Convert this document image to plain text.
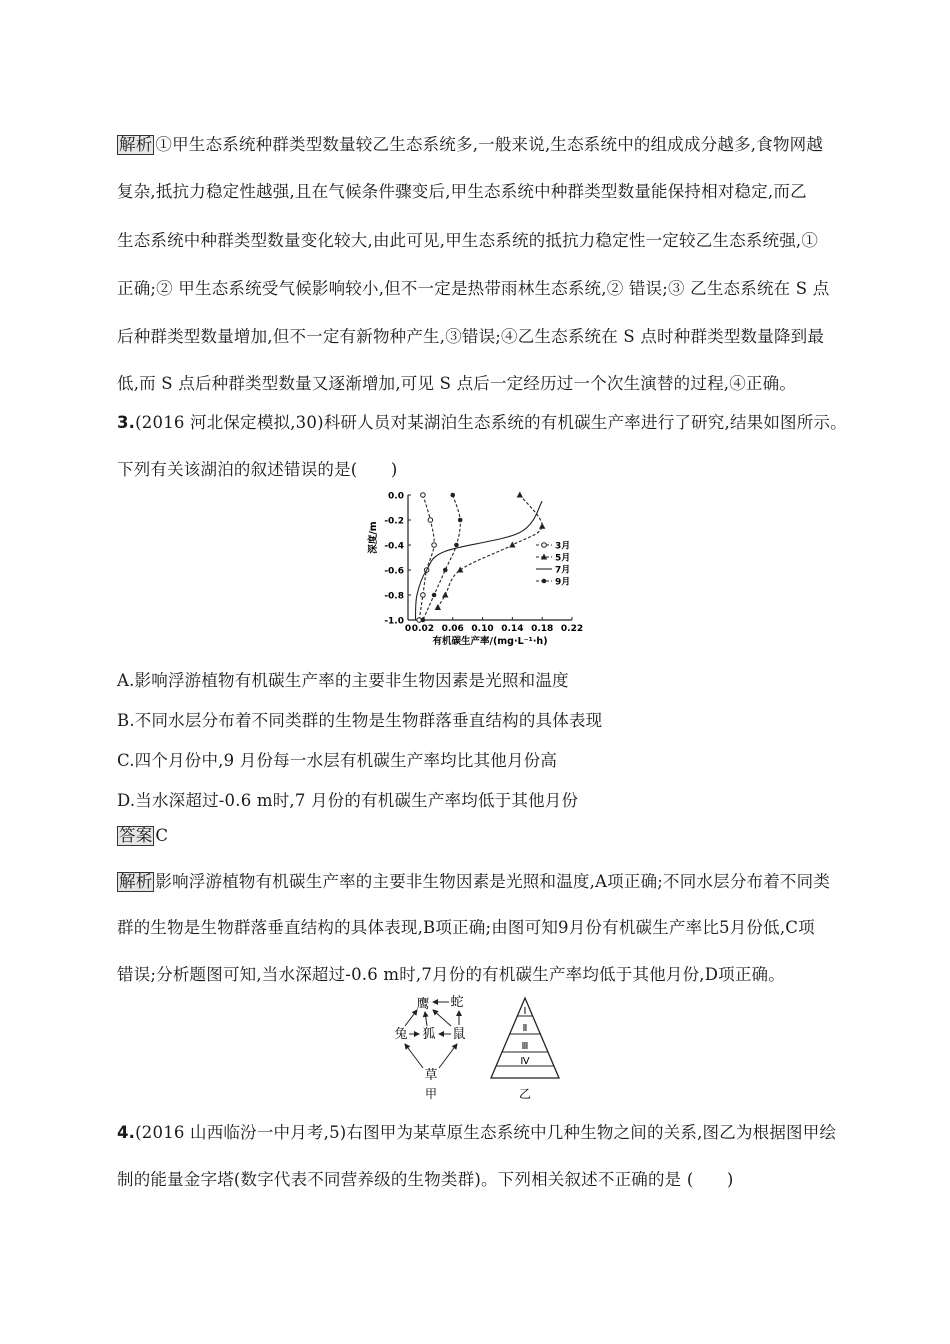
解析 ①甲生态系统种群类型数量较乙生态系统多,一般来说,生态系统中的组成成分越多,食物网越
复杂,抵抗力稳定性越强,且在气候条件骤变后,甲生态系统中种群类型数量能保持相对稳定,而乙
生态系统中种群类型数量变化较大,由此可见,甲生态系统的抵抗力稳定性一定较乙生态系统强,①
正确;② 甲生态系统受气候影响较小,但不一定是热带雨林生态系统,② 错误;③ 乙生态系统在 S 点
后种群类型数量增加,但不一定有新物种产生,③错误;④乙生态系统在 S 点时种群类型数量降到最
低,而 S 点后种群类型数量又逐渐增加,可见 S 点后一定经历过一个次生演替的过程,④正确。
3.(2016 河北保定模拟,30)科研人员对某湖泊生态系统的有机碳生产率进行了研究,结果如图所示。
下列有关该湖泊的叙述错误的是(　　)
0.0
-0.2
-0.4
-0.6
-0.8
-1.0
0 0.02 0.06 0.10 0.14 0.18 0.22
有机碳生产率/(mg·L⁻¹·h)
深度/m	3月
5月
7月
9月
A.影响浮游植物有机碳生产率的主要非生物因素是光照和温度
B.不同水层分布着不同类群的生物是生物群落垂直结构的具体表现
C.四个月份中,9 月份每一水层有机碳生产率均比其他月份高
D.当水深超过-0.6 m时,7 月份的有机碳生产率均低于其他月份
答案 C
解析 影响浮游植物有机碳生产率的主要非生物因素是光照和温度,A项正确;不同水层分布着不同类
群的生物是生物群落垂直结构的具体表现,B项正确;由图可知9月份有机碳生产率比5月份低,C项
错误;分析题图可知,当水深超过-0.6 m时,7月份的有机碳生产率均低于其他月份,D项正确。
鹰 蛇
兔 狐 鼠
草
甲
Ⅰ
Ⅱ
Ⅲ
Ⅳ
乙
4.(2016 山西临汾一中月考,5)右图甲为某草原生态系统中几种生物之间的关系,图乙为根据图甲绘
制的能量金字塔(数字代表不同营养级的生物类群)。下列相关叙述不正确的是 (　　)
